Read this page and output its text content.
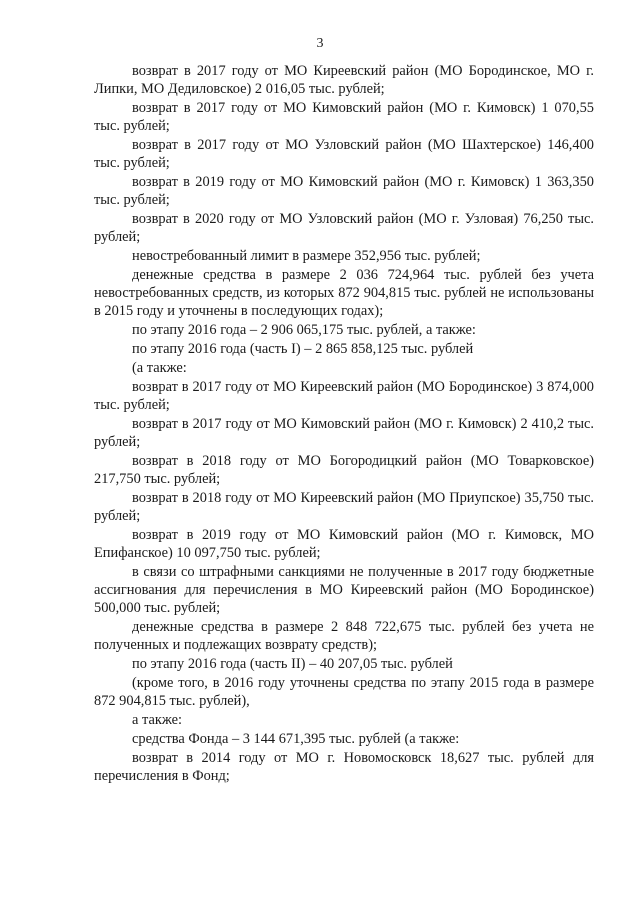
3

возврат в 2017 году от МО Киреевский район (МО Бородинское, МО г. Липки, МО Дедиловское) 2 016,05 тыс. рублей;

возврат в 2017 году от МО Кимовский район (МО г. Кимовск) 1 070,55 тыс. рублей;

возврат в 2017 году от МО Узловский район (МО Шахтерское) 146,400 тыс. рублей;

возврат в 2019 году от МО Кимовский район (МО г. Кимовск) 1 363,350 тыс. рублей;

возврат в 2020 году от МО Узловский район (МО г. Узловая) 76,250 тыс. рублей;

невостребованный лимит в размере 352,956 тыс. рублей;

денежные средства в размере 2 036 724,964 тыс. рублей без учета невостребованных средств, из которых 872 904,815 тыс. рублей не использованы в 2015 году и уточнены в последующих годах);

по этапу 2016 года – 2 906 065,175 тыс. рублей, а также:

по этапу 2016 года (часть I) – 2 865 858,125 тыс. рублей

(а также:

возврат в 2017 году от МО Киреевский район (МО Бородинское) 3 874,000 тыс. рублей;

возврат в 2017 году от МО Кимовский район (МО г. Кимовск) 2 410,2 тыс. рублей;

возврат в 2018 году от МО Богородицкий район (МО Товарковское) 217,750 тыс. рублей;

возврат в 2018 году от МО Киреевский район (МО Приупское) 35,750 тыс. рублей;

возврат в 2019 году от МО Кимовский район (МО г. Кимовск, МО Епифанское) 10 097,750 тыс. рублей;

в связи со штрафными санкциями не полученные в 2017 году бюджетные ассигнования для перечисления в МО Киреевский район (МО Бородинское) 500,000 тыс. рублей;

денежные средства в размере 2 848 722,675 тыс. рублей без учета не полученных и подлежащих возврату средств);

по этапу 2016 года (часть II) – 40 207,05 тыс. рублей

(кроме того, в 2016 году уточнены средства по этапу 2015 года в размере 872 904,815 тыс. рублей),

а также:

средства Фонда – 3 144 671,395 тыс. рублей (а также:

возврат в 2014 году от МО г. Новомосковск 18,627 тыс. рублей для перечисления в Фонд;
